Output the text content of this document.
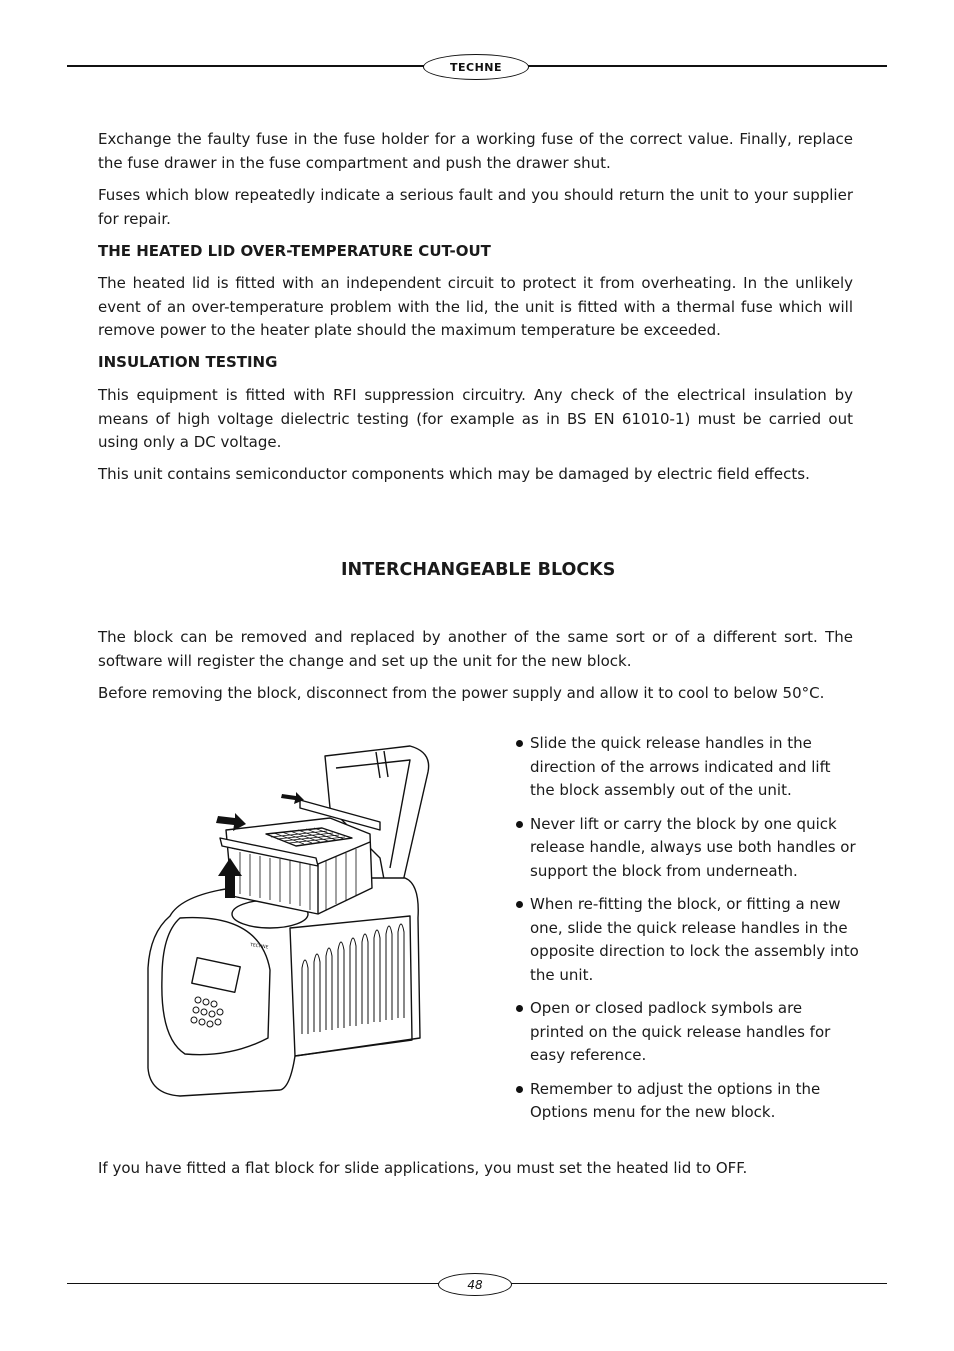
TECHNE

Exchange the faulty fuse in the fuse holder for a working fuse of the correct value. Finally, replace the fuse drawer in the fuse compartment and push the drawer shut.

Fuses which blow repeatedly indicate a serious fault and you should return the unit to your supplier for repair.

THE HEATED LID OVER-TEMPERATURE CUT-OUT

The heated lid is fitted with an independent circuit to protect it from overheating. In the unlikely event of an over-temperature problem with the lid, the unit is fitted with a thermal fuse which will remove power to the heater plate should the maximum temperature be exceeded.

INSULATION TESTING

This equipment is fitted with RFI suppression circuitry. Any check of the electrical insulation by means of high voltage dielectric testing (for example as in BS EN 61010-1) must be carried out using only a DC voltage.

This unit contains semiconductor components which may be damaged by electric field effects.

INTERCHANGEABLE BLOCKS

The block can be removed and replaced by another of the same sort or of a different sort. The software will register the change and set up the unit for the new block.

Before removing the block, disconnect from the power supply and allow it to cool to below 50°C.

TECHNE
Slide the quick release handles in the direction of the arrows indicated and lift the block assembly out of the unit.
Never lift or carry the block by one quick release handle, always use both handles or support the block from underneath.
When re-fitting the block, or fitting a new one, slide the quick release handles in the opposite direction to lock the assembly into the unit.
Open or closed padlock symbols are printed on the quick release handles for easy reference.
Remember to adjust the options in the Options menu for the new block.

If you have fitted a flat block for slide applications, you must set the heated lid to OFF.

48
